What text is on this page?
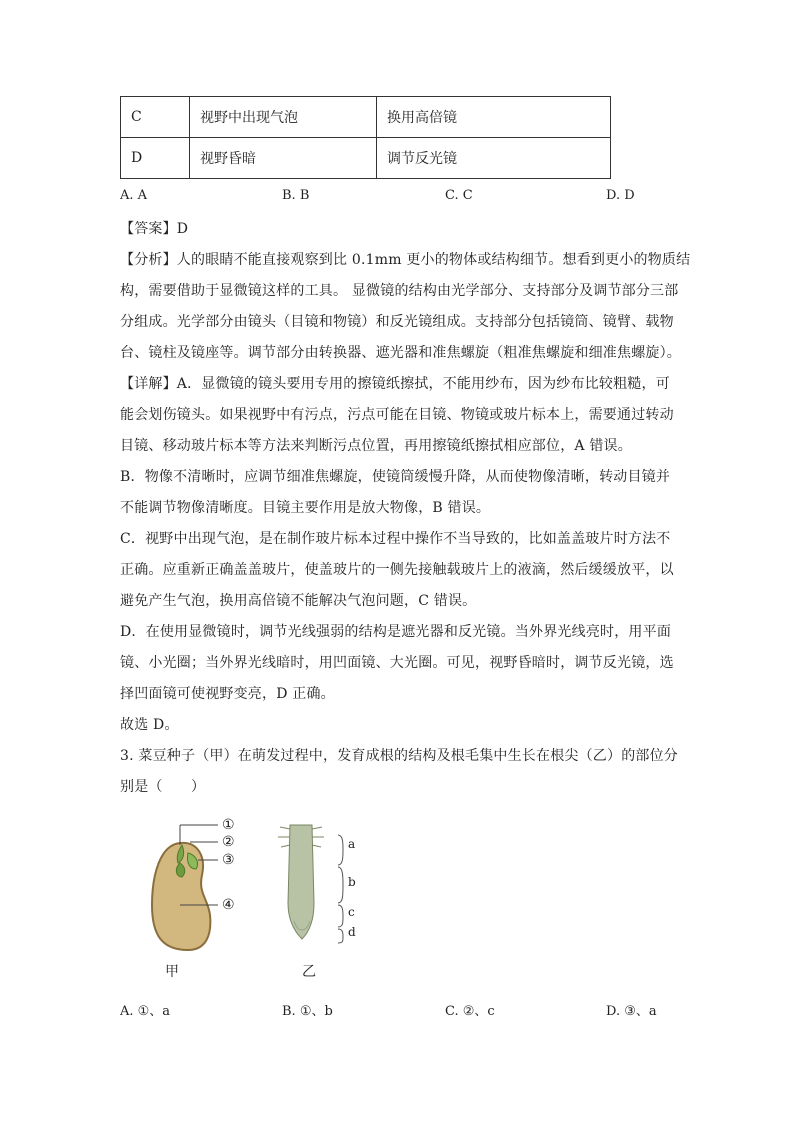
C	视野中出现气泡	换用高倍镜
D	视野昏暗	调节反光镜
A. A	B. B	C. C	D. D

【答案】D

【分析】人的眼睛不能直接观察到比 0.1mm 更小的物体或结构细节。想看到更小的物质结
构，需要借助于显微镜这样的工具。 显微镜的结构由光学部分、支持部分及调节部分三部
分组成。光学部分由镜头（目镜和物镜）和反光镜组成。支持部分包括镜筒、镜臂、载物
台、镜柱及镜座等。调节部分由转换器、遮光器和准焦螺旋（粗准焦螺旋和细准焦螺旋）。

【详解】A．显微镜的镜头要用专用的擦镜纸擦拭，不能用纱布，因为纱布比较粗糙，可
能会划伤镜头。如果视野中有污点，污点可能在目镜、物镜或玻片标本上，需要通过转动
目镜、移动玻片标本等方法来判断污点位置，再用擦镜纸擦拭相应部位，A 错误。
B．物像不清晰时，应调节细准焦螺旋，使镜筒缓慢升降，从而使物像清晰，转动目镜并
不能调节物像清晰度。目镜主要作用是放大物像，B 错误。
C．视野中出现气泡，是在制作玻片标本过程中操作不当导致的，比如盖盖玻片时方法不
正确。应重新正确盖盖玻片，使盖玻片的一侧先接触载玻片上的液滴，然后缓缓放平，以
避免产生气泡，换用高倍镜不能解决气泡问题，C 错误。
D．在使用显微镜时，调节光线强弱的结构是遮光器和反光镜。当外界光线亮时，用平面
镜、小光圈；当外界光线暗时，用凹面镜、大光圈。可见，视野昏暗时，调节反光镜，选
择凹面镜可使视野变亮，D 正确。
故选 D。

3. 菜豆种子（甲）在萌发过程中，发育成根的结构及根毛集中生长在根尖（乙）的部位分
别是（　　）

①
②
③
④
a
b
c
d
甲	乙
A. ①、a	B. ①、b	C. ②、c	D. ③、a
